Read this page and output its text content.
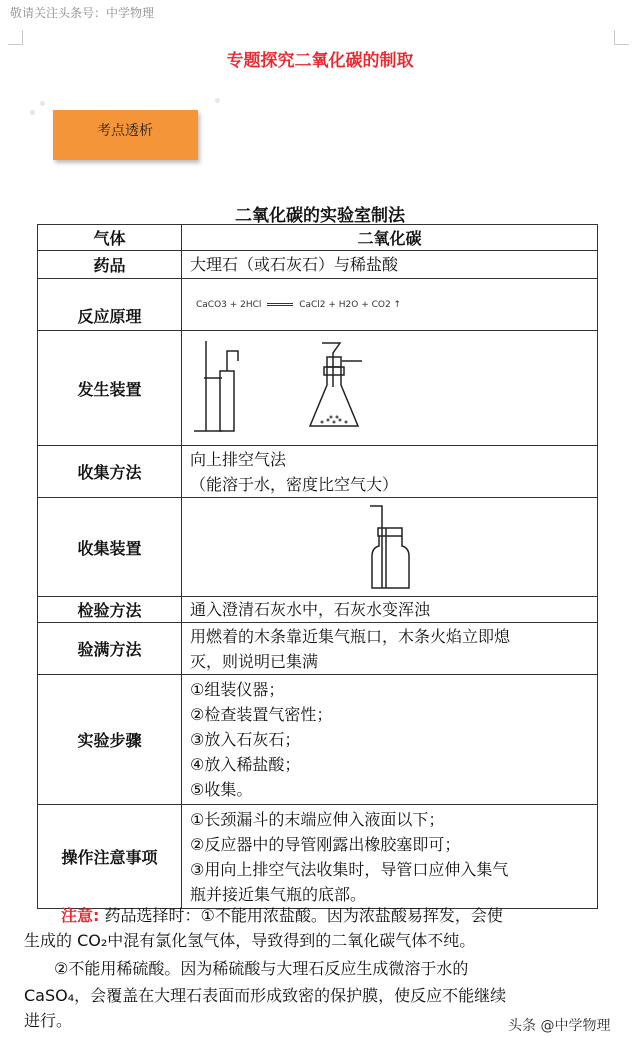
敬请关注头条号：中学物理
专题探究二氧化碳的制取
考点透析
二氧化碳的实验室制法
气体	二氧化碳
药品	大理石（或石灰石）与稀盐酸
反应原理	CaCO3 + 2HCl CaCl2 + H2O + CO2 ↑

发生装置	
收集方法	向上排空气法
（能溶于水，密度比空气大）

收集装置	
检验方法	通入澄清石灰水中，石灰水变浑浊
验满方法	用燃着的木条靠近集气瓶口，木条火焰立即熄
灭，则说明已集满

实验步骤	①组装仪器；
②检查装置气密性；
③放入石灰石；
④放入稀盐酸；
⑤收集。

操作注意事项	①长颈漏斗的末端应伸入液面以下；
②反应器中的导管刚露出橡胶塞即可；
③用向上排空气法收集时，导管口应伸入集气
瓶并接近集气瓶的底部。
注意: 药品选择时：①不能用浓盐酸。因为浓盐酸易挥发，会使
生成的 CO₂中混有氯化氢气体，导致得到的二氧化碳气体不纯。
②不能用稀硫酸。因为稀硫酸与大理石反应生成微溶于水的
CaSO₄，会覆盖在大理石表面而形成致密的保护膜，使反应不能继续
进行。	头条 @中学物理
